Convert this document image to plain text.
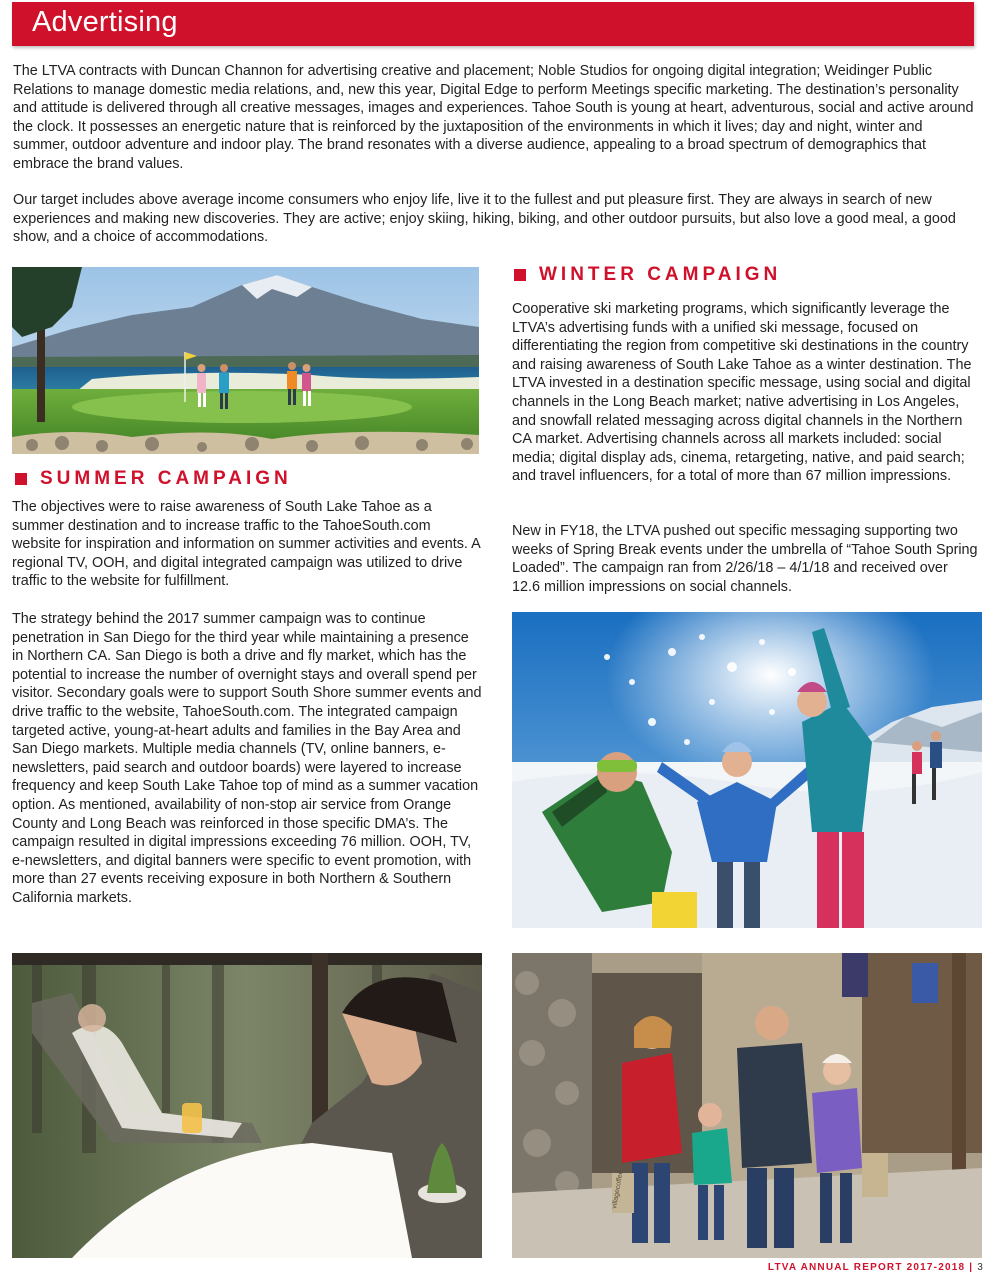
Advertising
The LTVA contracts with Duncan Channon for advertising creative and placement; Noble Studios for ongoing digital integration; Weidinger Public Relations to manage domestic media relations, and, new this year, Digital Edge to perform Meetings specific marketing. The destination’s personality and attitude is delivered through all creative messages, images and experiences. Tahoe South is young at heart, adventurous, social and active around the clock. It possesses an energetic nature that is reinforced by the juxtaposition of the environments in which it lives; day and night, winter and summer, outdoor adventure and indoor play. The brand resonates with a diverse audience, appealing to a broad spectrum of demographics that embrace the brand values.
Our target includes above average income consumers who enjoy life, live it to the fullest and put pleasure first. They are always in search of new experiences and making new discoveries. They are active; enjoy skiing, hiking, biking, and other outdoor pursuits, but also love a good meal, a good show, and a choice of accommodations.
SUMMER CAMPAIGN
The objectives were to raise awareness of South Lake Tahoe as a summer destination and to increase traffic to the TahoeSouth.com website for inspiration and information on summer activities and events. A regional TV, OOH, and digital integrated campaign was utilized to drive traffic to the website for fulfillment.
The strategy behind the 2017 summer campaign was to continue penetration in San Diego for the third year while maintaining a presence in Northern CA. San Diego is both a drive and fly market, which has the potential to increase the number of overnight stays and overall spend per visitor. Secondary goals were to support South Shore summer events and drive traffic to the website, TahoeSouth.com. The integrated campaign targeted active, young-at-heart adults and families in the Bay Area and San Diego markets. Multiple media channels (TV, online banners, e-newsletters, paid search and outdoor boards) were layered to increase frequency and keep South Lake Tahoe top of mind as a summer vacation option. As mentioned, availability of non-stop air service from Orange County and Long Beach was reinforced in those specific DMA’s. The campaign resulted in digital impressions exceeding 76 million. OOH, TV, e-newsletters, and digital banners were specific to event promotion, with more than 27 events receiving exposure in both Northern & Southern California markets.
WINTER CAMPAIGN
Cooperative ski marketing programs, which significantly leverage the LTVA’s advertising funds with a unified ski message, focused on differentiating the region from competitive ski destinations in the country and raising awareness of South Lake Tahoe as a winter destination. The LTVA invested in a destination specific message, using social and digital channels in the Long Beach market; native advertising in Los Angeles, and snowfall related messaging across digital channels in the Northern CA market. Advertising channels across all markets included: social media; digital display ads, cinema, retargeting, native, and paid search; and travel influencers, for a total of more than 67 million impressions.
New in FY18, the LTVA pushed out specific messaging supporting two weeks of Spring Break events under the umbrella of “Tahoe South Spring Loaded”. The campaign ran from 2/26/18 – 4/1/18 and received over 12.6 million impressions on social channels.
villagecoffee
LTVA ANNUAL REPORT 2017-2018 | 3
